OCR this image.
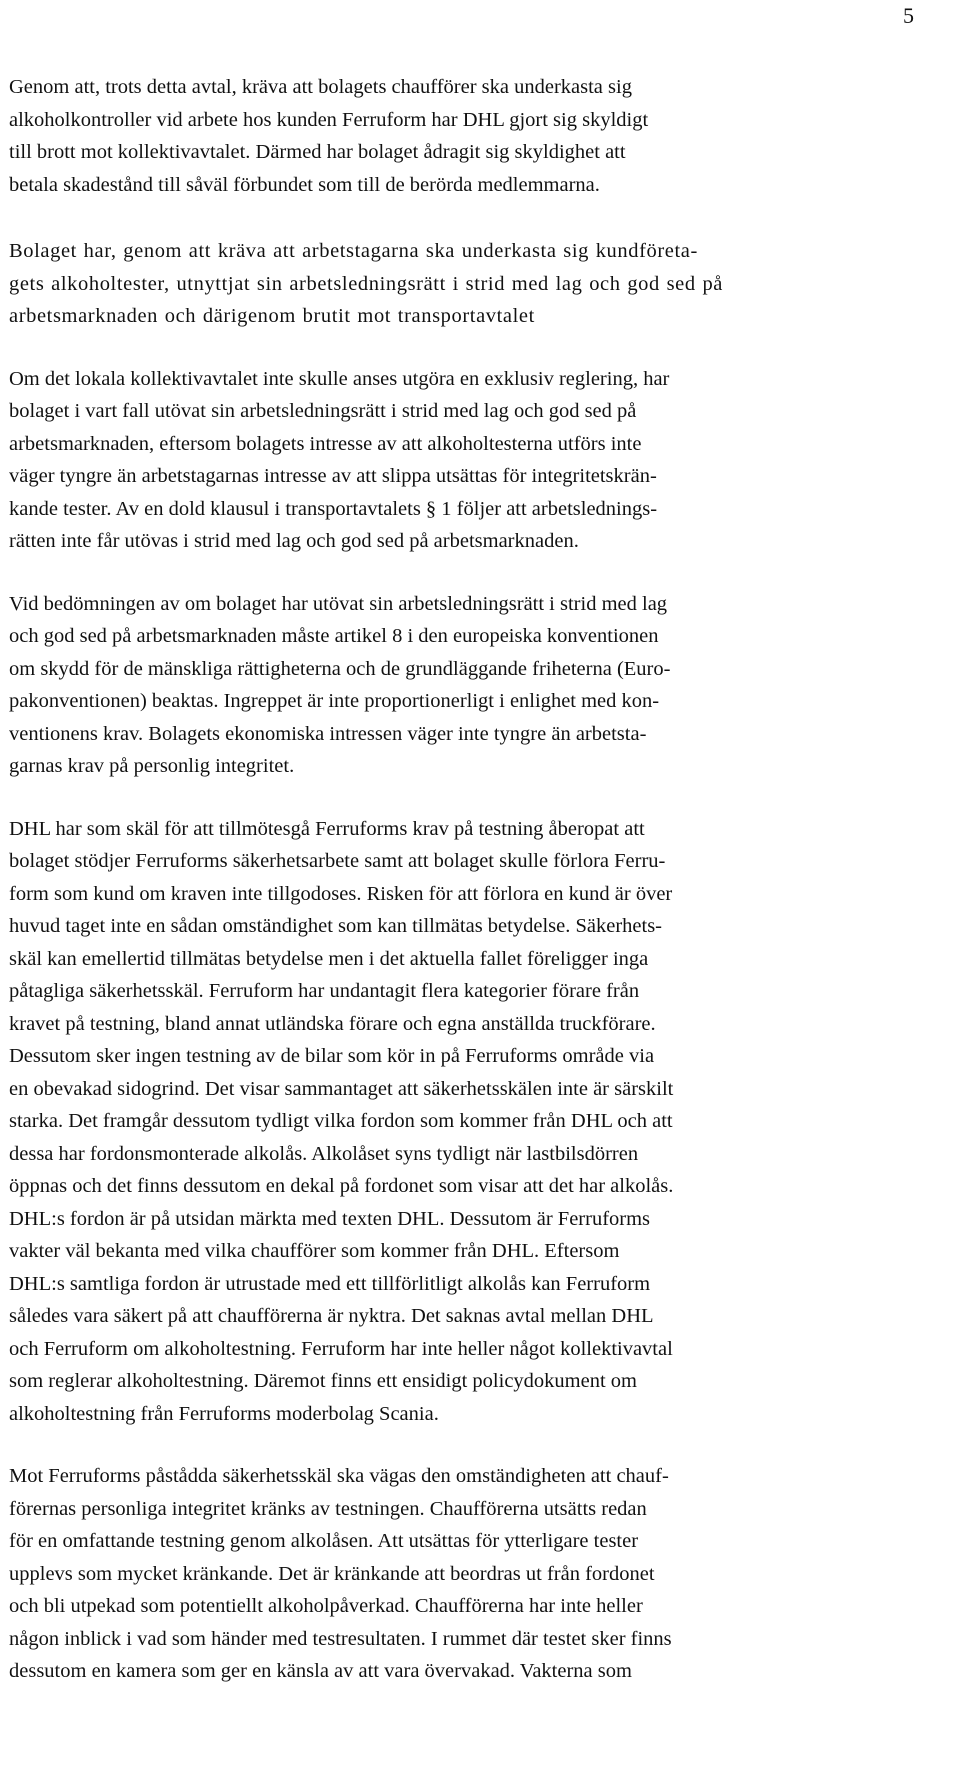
5

Genom att, trots detta avtal, kräva att bolagets chaufförer ska underkasta sig
alkoholkontroller vid arbete hos kunden Ferruform har DHL gjort sig skyldigt
till brott mot kollektivavtalet. Därmed har bolaget ådragit sig skyldighet att
betala skadestånd till såväl förbundet som till de berörda medlemmarna.

Bolaget har, genom att kräva att arbetstagarna ska underkasta sig kundföreta-
gets alkoholtester, utnyttjat sin arbetsledningsrätt i strid med lag och god sed på
arbetsmarknaden och därigenom brutit mot transportavtalet

Om det lokala kollektivavtalet inte skulle anses utgöra en exklusiv reglering, har
bolaget i vart fall utövat sin arbetsledningsrätt i strid med lag och god sed på
arbetsmarknaden, eftersom bolagets intresse av att alkoholtesterna utförs inte
väger tyngre än arbetstagarnas intresse av att slippa utsättas för integritetskrän-
kande tester. Av en dold klausul i transportavtalets § 1 följer att arbetslednings-
rätten inte får utövas i strid med lag och god sed på arbetsmarknaden.

Vid bedömningen av om bolaget har utövat sin arbetsledningsrätt i strid med lag
och god sed på arbetsmarknaden måste artikel 8 i den europeiska konventionen
om skydd för de mänskliga rättigheterna och de grundläggande friheterna (Euro-
pakonventionen) beaktas. Ingreppet är inte proportionerligt i enlighet med kon-
ventionens krav. Bolagets ekonomiska intressen väger inte tyngre än arbetsta-
garnas krav på personlig integritet.

DHL har som skäl för att tillmötesgå Ferruforms krav på testning åberopat att
bolaget stödjer Ferruforms säkerhetsarbete samt att bolaget skulle förlora Ferru-
form som kund om kraven inte tillgodoses. Risken för att förlora en kund är över
huvud taget inte en sådan omständighet som kan tillmätas betydelse. Säkerhets-
skäl kan emellertid tillmätas betydelse men i det aktuella fallet föreligger inga
påtagliga säkerhetsskäl. Ferruform har undantagit flera kategorier förare från
kravet på testning, bland annat utländska förare och egna anställda truckförare.
Dessutom sker ingen testning av de bilar som kör in på Ferruforms område via
en obevakad sidogrind. Det visar sammantaget att säkerhetsskälen inte är särskilt
starka. Det framgår dessutom tydligt vilka fordon som kommer från DHL och att
dessa har fordonsmonterade alkolås. Alkolåset syns tydligt när lastbilsdörren
öppnas och det finns dessutom en dekal på fordonet som visar att det har alkolås.
DHL:s fordon är på utsidan märkta med texten DHL. Dessutom är Ferruforms
vakter väl bekanta med vilka chaufförer som kommer från DHL. Eftersom
DHL:s samtliga fordon är utrustade med ett tillförlitligt alkolås kan Ferruform
således vara säkert på att chaufförerna är nyktra. Det saknas avtal mellan DHL
och Ferruform om alkoholtestning. Ferruform har inte heller något kollektivavtal
som reglerar alkoholtestning. Däremot finns ett ensidigt policydokument om
alkoholtestning från Ferruforms moderbolag Scania.

Mot Ferruforms påstådda säkerhetsskäl ska vägas den omständigheten att chauf-
förernas personliga integritet kränks av testningen. Chaufförerna utsätts redan
för en omfattande testning genom alkolåsen. Att utsättas för ytterligare tester
upplevs som mycket kränkande. Det är kränkande att beordras ut från fordonet
och bli utpekad som potentiellt alkoholpåverkad. Chaufförerna har inte heller
någon inblick i vad som händer med testresultaten. I rummet där testet sker finns
dessutom en kamera som ger en känsla av att vara övervakad. Vakterna som
